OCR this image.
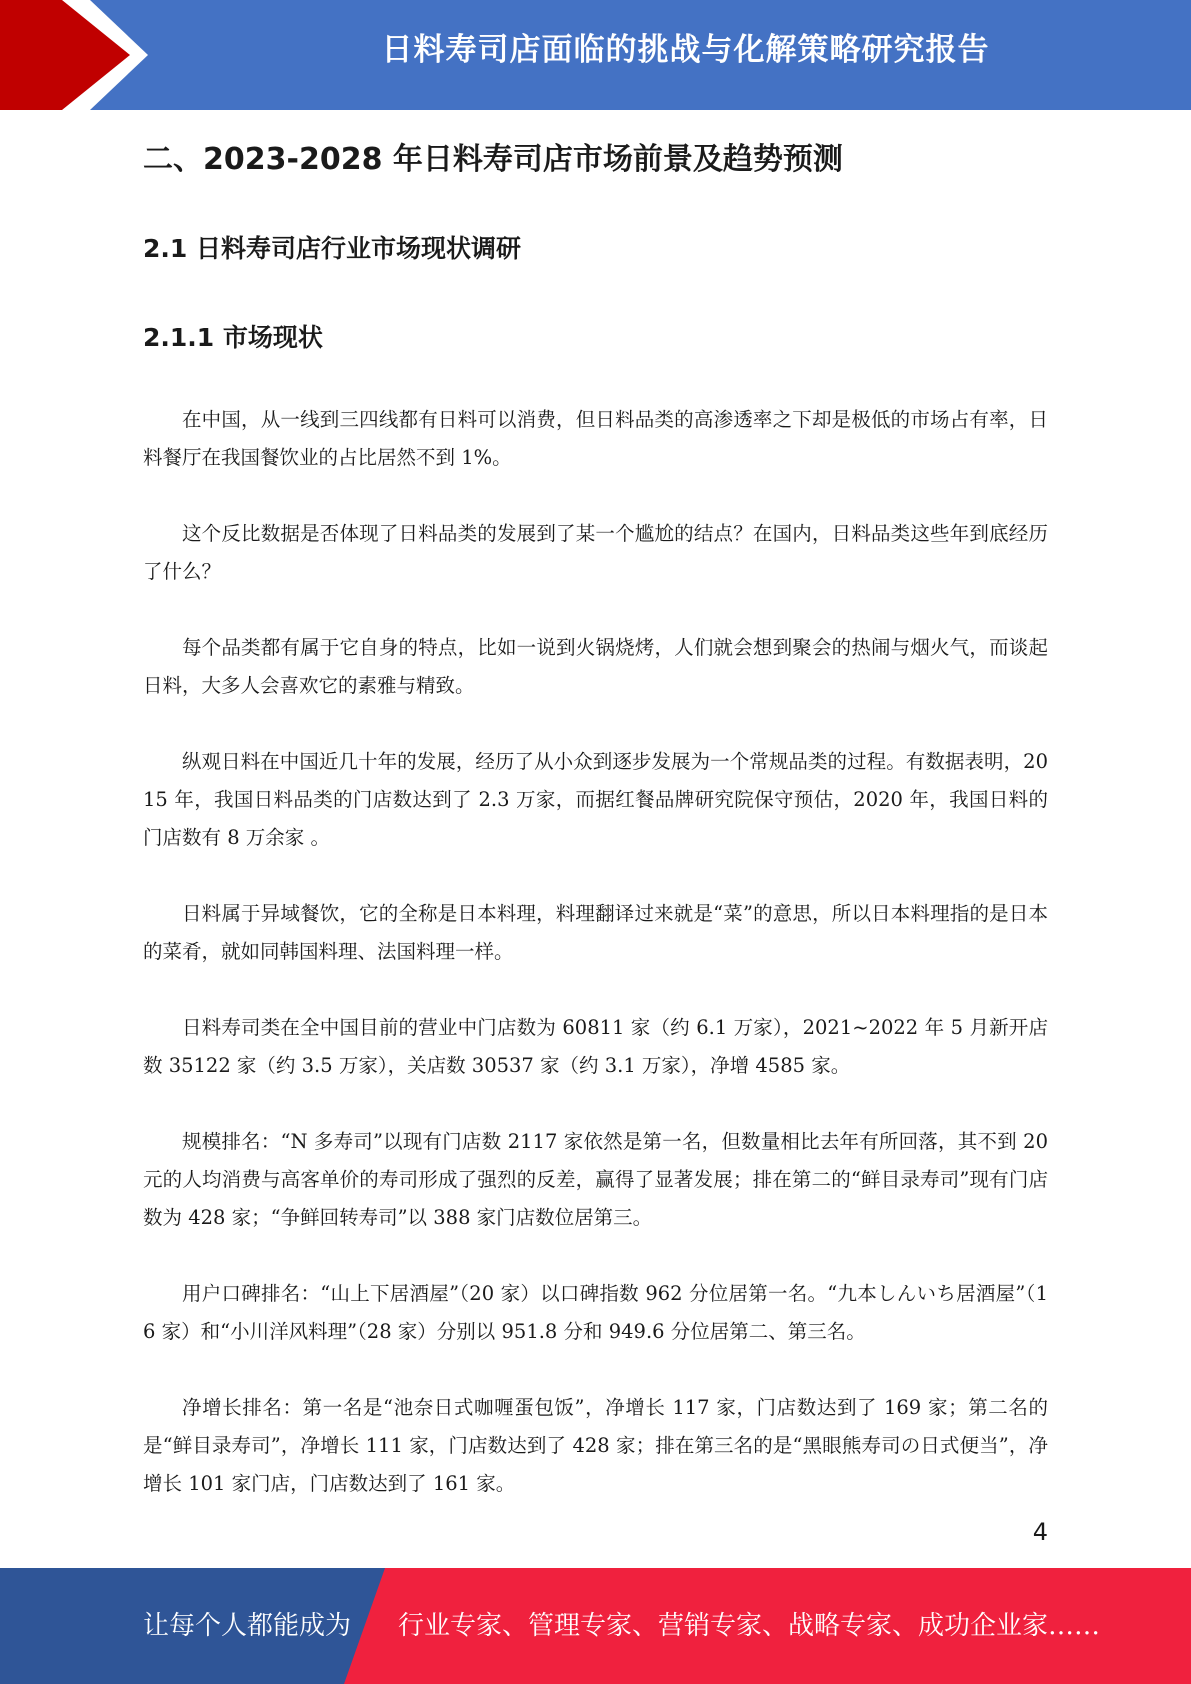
日料寿司店面临的挑战与化解策略研究报告
二、2023-2028 年日料寿司店市场前景及趋势预测
2.1 日料寿司店行业市场现状调研
2.1.1 市场现状

在中国，从一线到三四线都有日料可以消费，但日料品类的高渗透率之下却是极低的市场占有率，日料餐厅在我国餐饮业的占比居然不到 1%。

这个反比数据是否体现了日料品类的发展到了某一个尴尬的结点？在国内，日料品类这些年到底经历了什么？

每个品类都有属于它自身的特点，比如一说到火锅烧烤，人们就会想到聚会的热闹与烟火气，而谈起日料，大多人会喜欢它的素雅与精致。

纵观日料在中国近几十年的发展，经历了从小众到逐步发展为一个常规品类的过程。有数据表明，2015 年，我国日料品类的门店数达到了 2.3 万家，而据红餐品牌研究院保守预估，2020 年，我国日料的门店数有 8 万余家 。

日料属于异域餐饮，它的全称是日本料理，料理翻译过来就是“菜”的意思，所以日本料理指的是日本的菜肴，就如同韩国料理、法国料理一样。

日料寿司类在全中国目前的营业中门店数为 60811 家（约 6.1 万家），2021~2022 年 5 月新开店数 35122 家（约 3.5 万家），关店数 30537 家（约 3.1 万家），净增 4585 家。

规模排名：“N 多寿司”以现有门店数 2117 家依然是第一名，但数量相比去年有所回落，其不到 20 元的人均消费与高客单价的寿司形成了强烈的反差，赢得了显著发展；排在第二的“鲜目录寿司”现有门店数为 428 家；“争鲜回转寿司”以 388 家门店数位居第三。

用户口碑排名：“山上下居酒屋”（20 家）以口碑指数 962 分位居第一名。“九本しんいち居酒屋”（16 家）和“小川洋风料理”（28 家）分别以 951.8 分和 949.6 分位居第二、第三名。

净增长排名：第一名是“池奈日式咖喱蛋包饭”，净增长 117 家，门店数达到了 169 家；第二名的是“鲜目录寿司”，净增长 111 家，门店数达到了 428 家；排在第三名的是“黑眼熊寿司の日式便当”，净增长 101 家门店，门店数达到了 161 家。

4
让每个人都能成为 行业专家、管理专家、营销专家、战略专家、成功企业家……
